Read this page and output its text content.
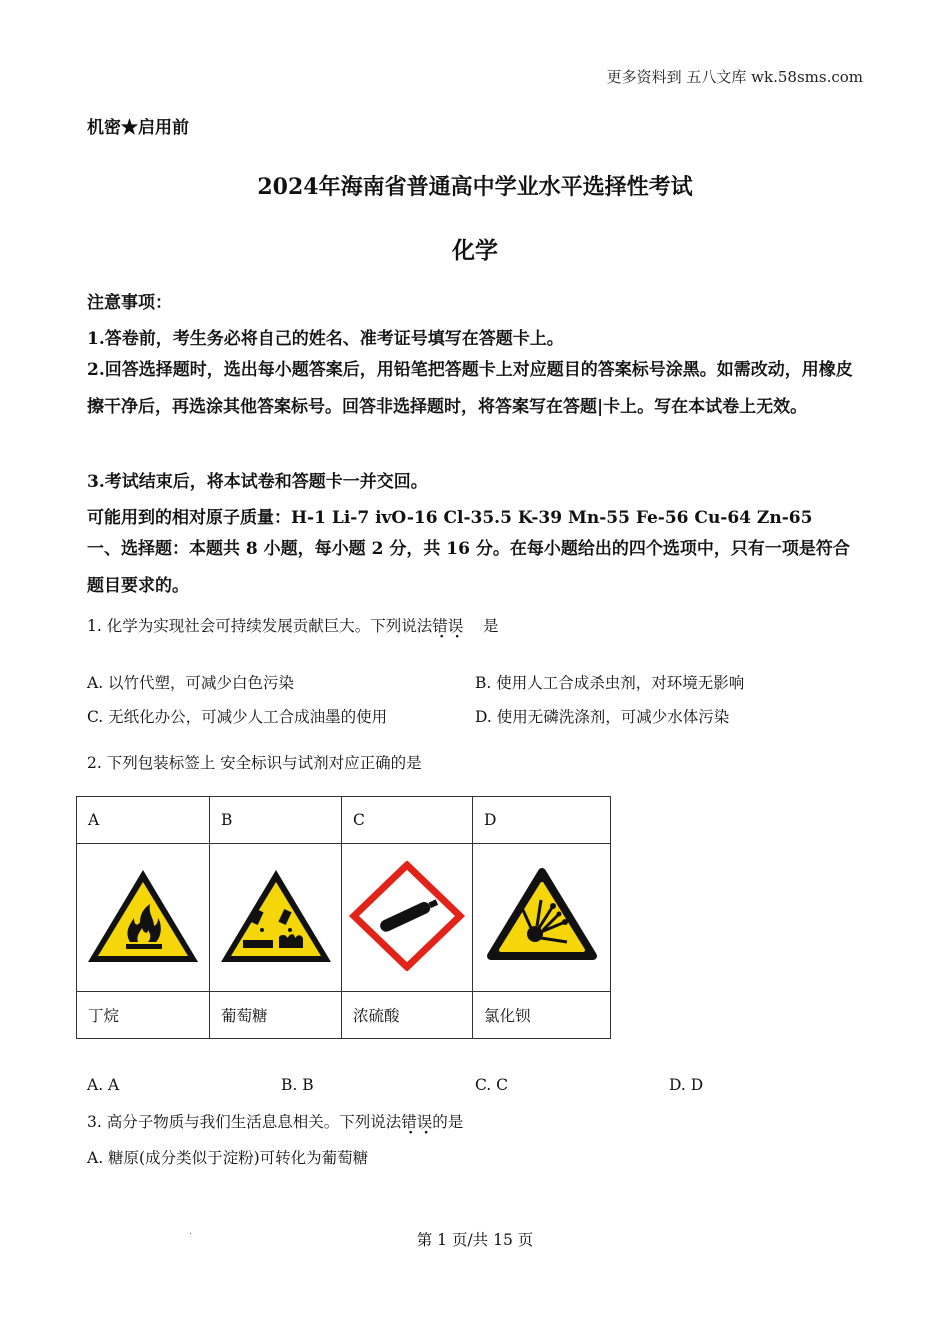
更多资料到 五八文库 wk.58sms.com
机密★启用前
2024年海南省普通高中学业水平选择性考试
化学
注意事项：
1.答卷前，考生务必将自己的姓名、准考证号填写在答题卡上。
2.回答选择题时，选出每小题答案后，用铅笔把答题卡上对应题目的答案标号涂黑。如需改动，用橡皮擦干净后，再选涂其他答案标号。回答非选择题时，将答案写在答题|卡上。写在本试卷上无效。
3.考试结束后，将本试卷和答题卡一并交回。
可能用到的相对原子质量：H-1 Li-7 ivO-16 Cl-35.5 K-39 Mn-55 Fe-56 Cu-64 Zn-65
一、选择题：本题共 8 小题，每小题 2 分，共 16 分。在每小题给出的四个选项中，只有一项是符合题目要求的。
1. 化学为实现社会可持续发展贡献巨大。下列说法错误 是
A. 以竹代塑，可减少白色污染	B. 使用人工合成杀虫剂，对环境无影响
C. 无纸化办公，可减少人工合成油墨的使用	D. 使用无磷洗涤剂，可减少水体污染
2. 下列包装标签上 安全标识与试剂对应正确的是
A	B	C	D

丁烷	葡萄糖	浓硫酸	氯化钡
A. A	B. B	C. C	D. D
3. 高分子物质与我们生活息息相关。下列说法错误的是
A. 糖原(成分类似于淀粉)可转化为葡萄糖
·	第 1 页/共 15 页
